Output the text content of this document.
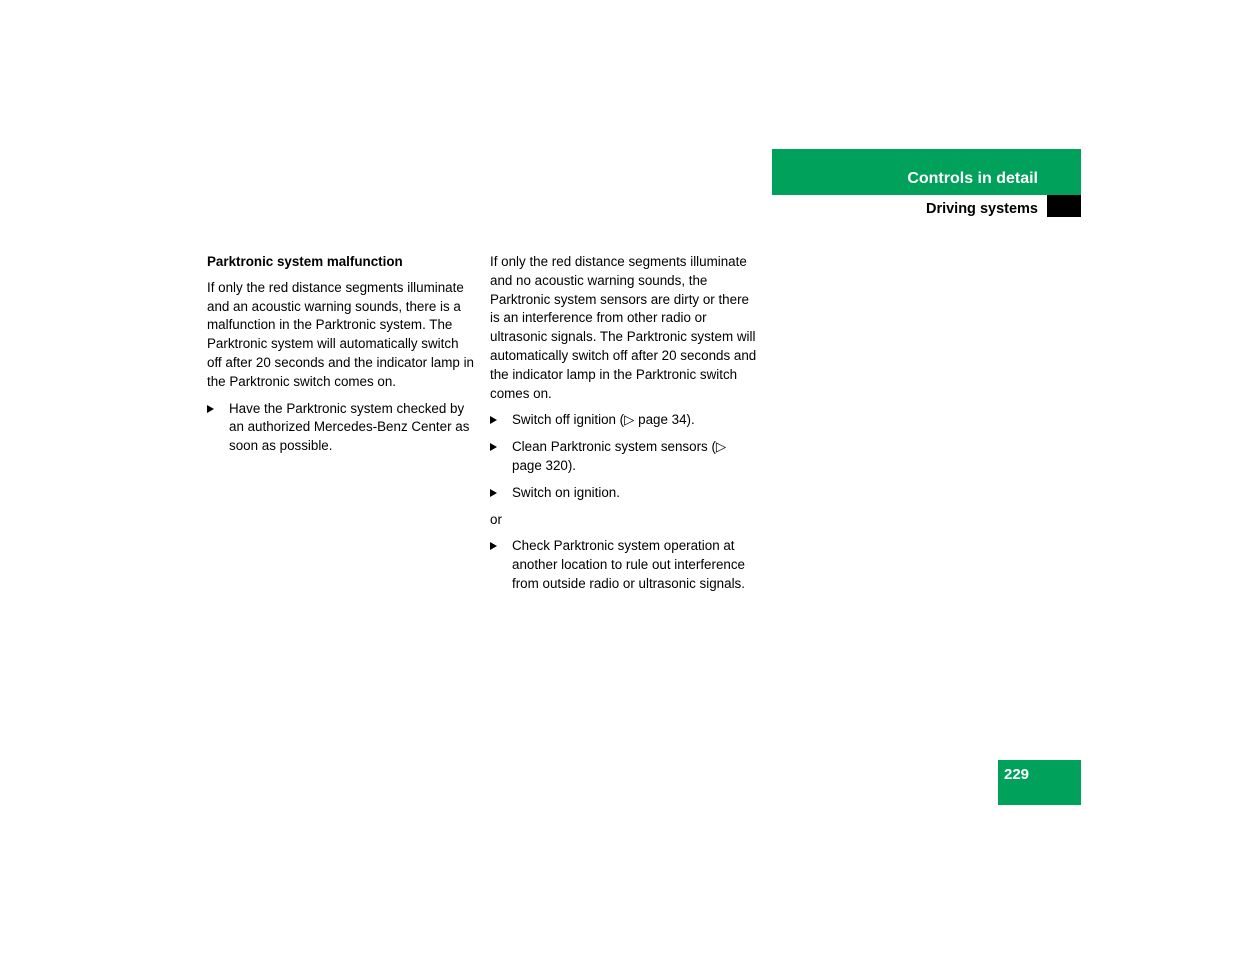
Controls in detail
Driving systems
Parktronic system malfunction

If only the red distance segments illuminate and an acoustic warning sounds, there is a malfunction in the Parktronic system. The Parktronic system will automatically switch off after 20 seconds and the indicator lamp in the Parktronic switch comes on.

Have the Parktronic system checked by an authorized Mercedes-Benz Center as soon as possible.

If only the red distance segments illuminate and no acoustic warning sounds, the Parktronic system sensors are dirty or there is an interference from other radio or ultrasonic signals. The Parktronic system will automatically switch off after 20 seconds and the indicator lamp in the Parktronic switch comes on.

Switch off ignition (▷ page 34).
Clean Parktronic system sensors (▷ page 320).
Switch on ignition.

or

Check Parktronic system operation at another location to rule out interference from outside radio or ultrasonic signals.
229
